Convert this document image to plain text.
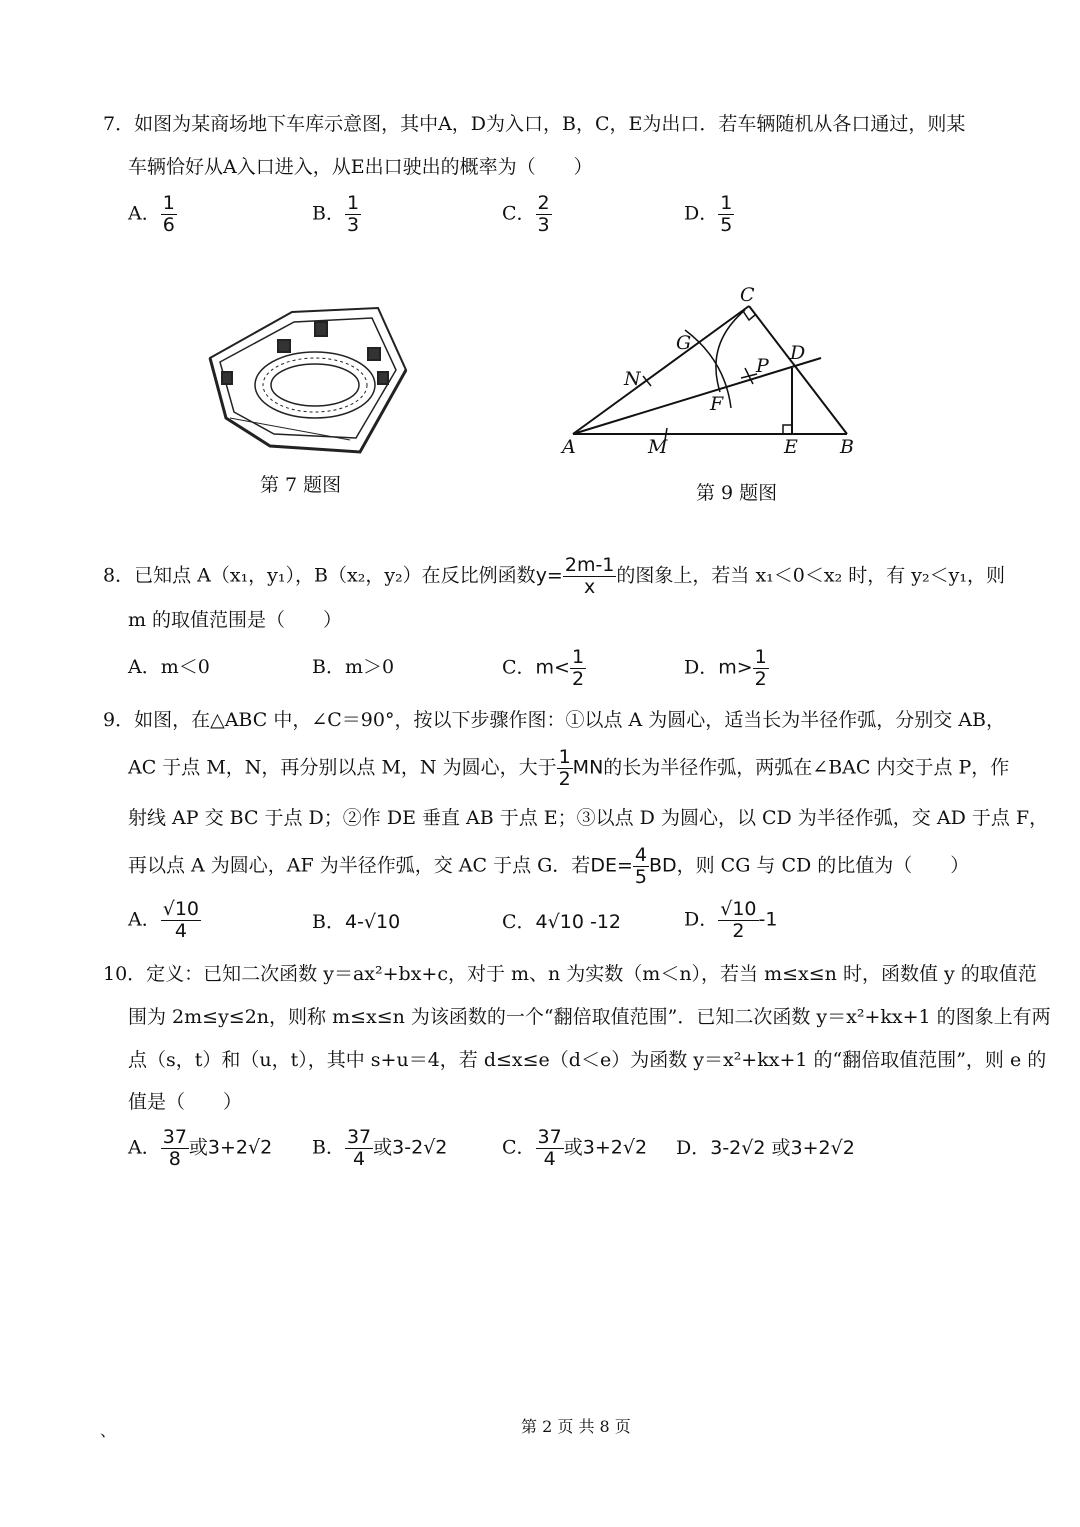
7．如图为某商场地下车库示意图，其中A，D为入口，B，C，E为出口．若车辆随机从各口通过，则某
车辆恰好从A入口进入，从E出口驶出的概率为（　　）
A． $\frac{1}{6}$	B． $\frac{1}{3}$	C． $\frac{2}{3}$	D． $\frac{1}{5}$
第 7 题图
C
G	D
P
N
F
A	M	E B
第 9 题图
8．已知点 A（x₁，y₁），B（x₂，y₂）在反比例函数$y= \frac{2m-1}{x}$ 的图象上，若当 x₁＜0＜x₂ 时，有 y₂＜y₁，则
m 的取值范围是（　　）
A．m＜0	B．m＞0	C．$m< \frac{1}{2}$	D．$m> \frac{1}{2}$
9．如图，在△ABC 中，∠C＝90°，按以下步骤作图：①以点 A 为圆心，适当长为半径作弧，分别交 AB，
AC 于点 M，N，再分别以点 M，N 为圆心，大于 $\frac{1}{2}$ MN的长为半径作弧，两弧在∠BAC 内交于点 P，作
射线 AP 交 BC 于点 D；②作 DE 垂直 AB 于点 E；③以点 D 为圆心，以 CD 为半径作弧，交 AD 于点 F，
再以点 A 为圆心，AF 为半径作弧，交 AC 于点 G．若$DE= \frac{4}{5}$ BD，则 CG 与 CD 的比值为（　　）
A． $\frac{√10}{4}$	B．4-√10	C．4√10 -12	D． $\frac{√10}{2} -1$
10．定义：已知二次函数 y＝ax²+bx+c，对于 m、n 为实数（m＜n），若当 m≤x≤n 时，函数值 y 的取值范
围为 2m≤y≤2n，则称 m≤x≤n 为该函数的一个“翻倍取值范围”．已知二次函数 y＝x²+kx+1 的图象上有两
点（s，t）和（u，t），其中 s+u＝4，若 d≤x≤e（d＜e）为函数 y＝x²+kx+1 的“翻倍取值范围”，则 e 的
值是（　　）
A． $\frac{37}{8}$ 或3+2√2 B． $\frac{37}{4}$ 或3-2√2	C． $\frac{37}{4}$ 或3+2√2 D．3-2√2 或3+2√2
、	第 2 页 共 8 页
